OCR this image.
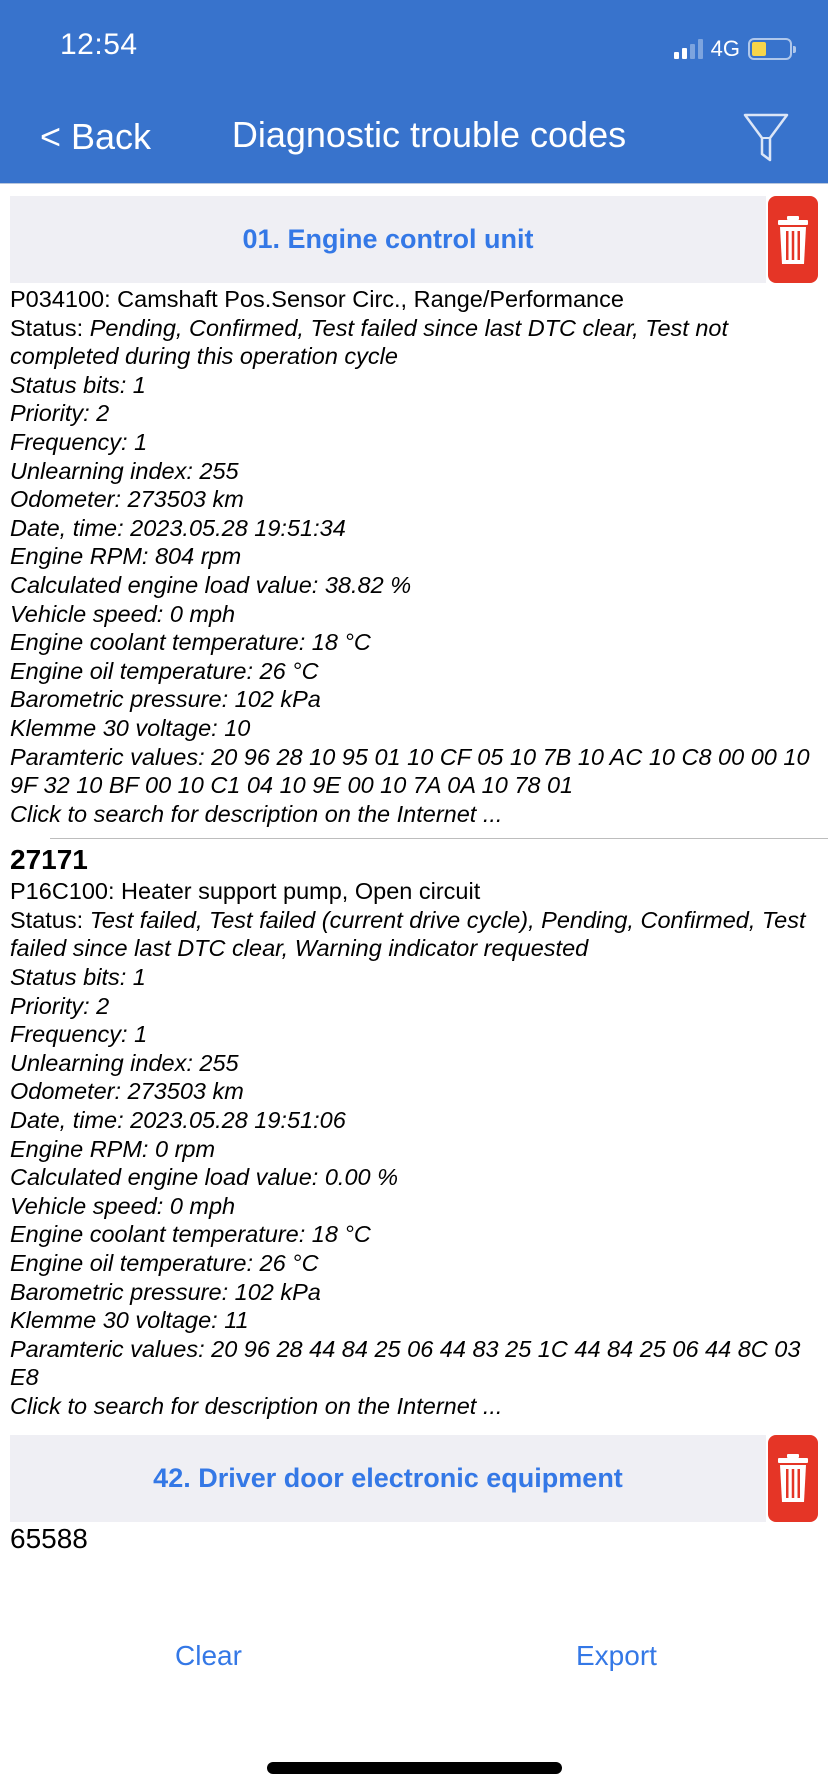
12:54	4G
< Back	Diagnostic trouble codes
01. Engine control unit
P034100: Camshaft Pos.Sensor Circ., Range/Performance
Status: Pending, Confirmed, Test failed since last DTC clear, Test not completed during this operation cycle
Status bits: 1
Priority: 2
Frequency: 1
Unlearning index: 255
Odometer: 273503 km
Date, time: 2023.05.28 19:51:34
Engine RPM: 804 rpm
Calculated engine load value: 38.82 %
Vehicle speed: 0 mph
Engine coolant temperature: 18 °C
Engine oil temperature: 26 °C
Barometric pressure: 102 kPa
Klemme 30 voltage: 10
Paramteric values: 20 96 28 10 95 01 10 CF 05 10 7B 10 AC 10 C8 00 00 10 9F 32 10 BF 00 10 C1 04 10 9E 00 10 7A 0A 10 78 01
Click to search for description on the Internet ...
27171
P16C100: Heater support pump, Open circuit
Status: Test failed, Test failed (current drive cycle), Pending, Confirmed, Test failed since last DTC clear, Warning indicator requested
Status bits: 1
Priority: 2
Frequency: 1
Unlearning index: 255
Odometer: 273503 km
Date, time: 2023.05.28 19:51:06
Engine RPM: 0 rpm
Calculated engine load value: 0.00 %
Vehicle speed: 0 mph
Engine coolant temperature: 18 °C
Engine oil temperature: 26 °C
Barometric pressure: 102 kPa
Klemme 30 voltage: 11
Paramteric values: 20 96 28 44 84 25 06 44 83 25 1C 44 84 25 06 44 8C 03 E8
Click to search for description on the Internet ...
42. Driver door electronic equipment
65588
Clear	Export
